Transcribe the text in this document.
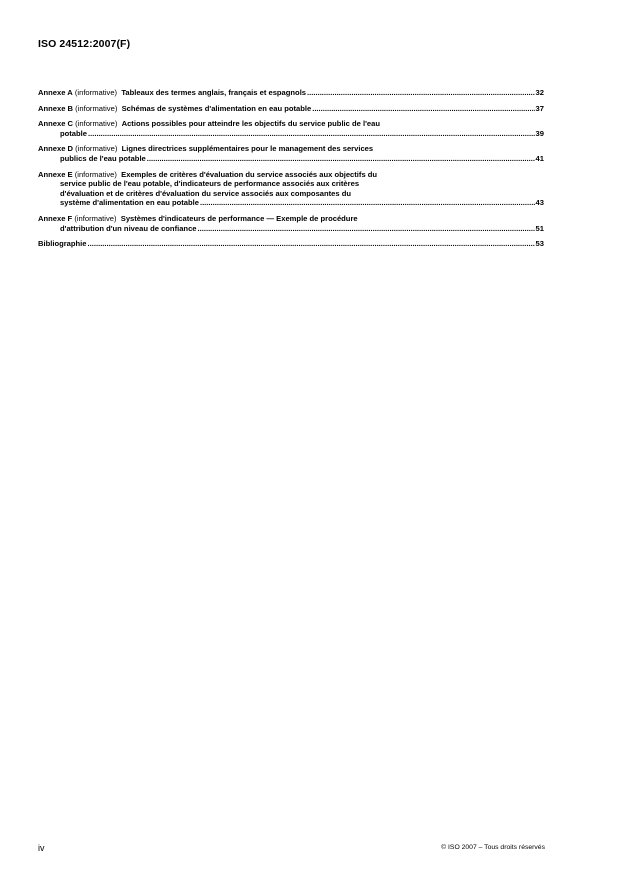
ISO 24512:2007(F)
Annexe A (informative) Tableaux des termes anglais, français et espagnols .....	32
Annexe B (informative) Schémas de systèmes d'alimentation en eau potable .....	37
Annexe C (informative) Actions possibles pour atteindre les objectifs du service public de l'eau
potable .....	39
Annexe D (informative) Lignes directrices supplémentaires pour le management des services
publics de l'eau potable .....	41
Annexe E (informative) Exemples de critères d'évaluation du service associés aux objectifs du
service public de l'eau potable, d'indicateurs de performance associés aux critères
d'évaluation et de critères d'évaluation du service associés aux composantes du
système d'alimentation en eau potable .....	43
Annexe F (informative) Systèmes d'indicateurs de performance — Exemple de procédure
d'attribution d'un niveau de confiance .....	51
Bibliographie .....	53
iv	© ISO 2007 – Tous droits réservés
